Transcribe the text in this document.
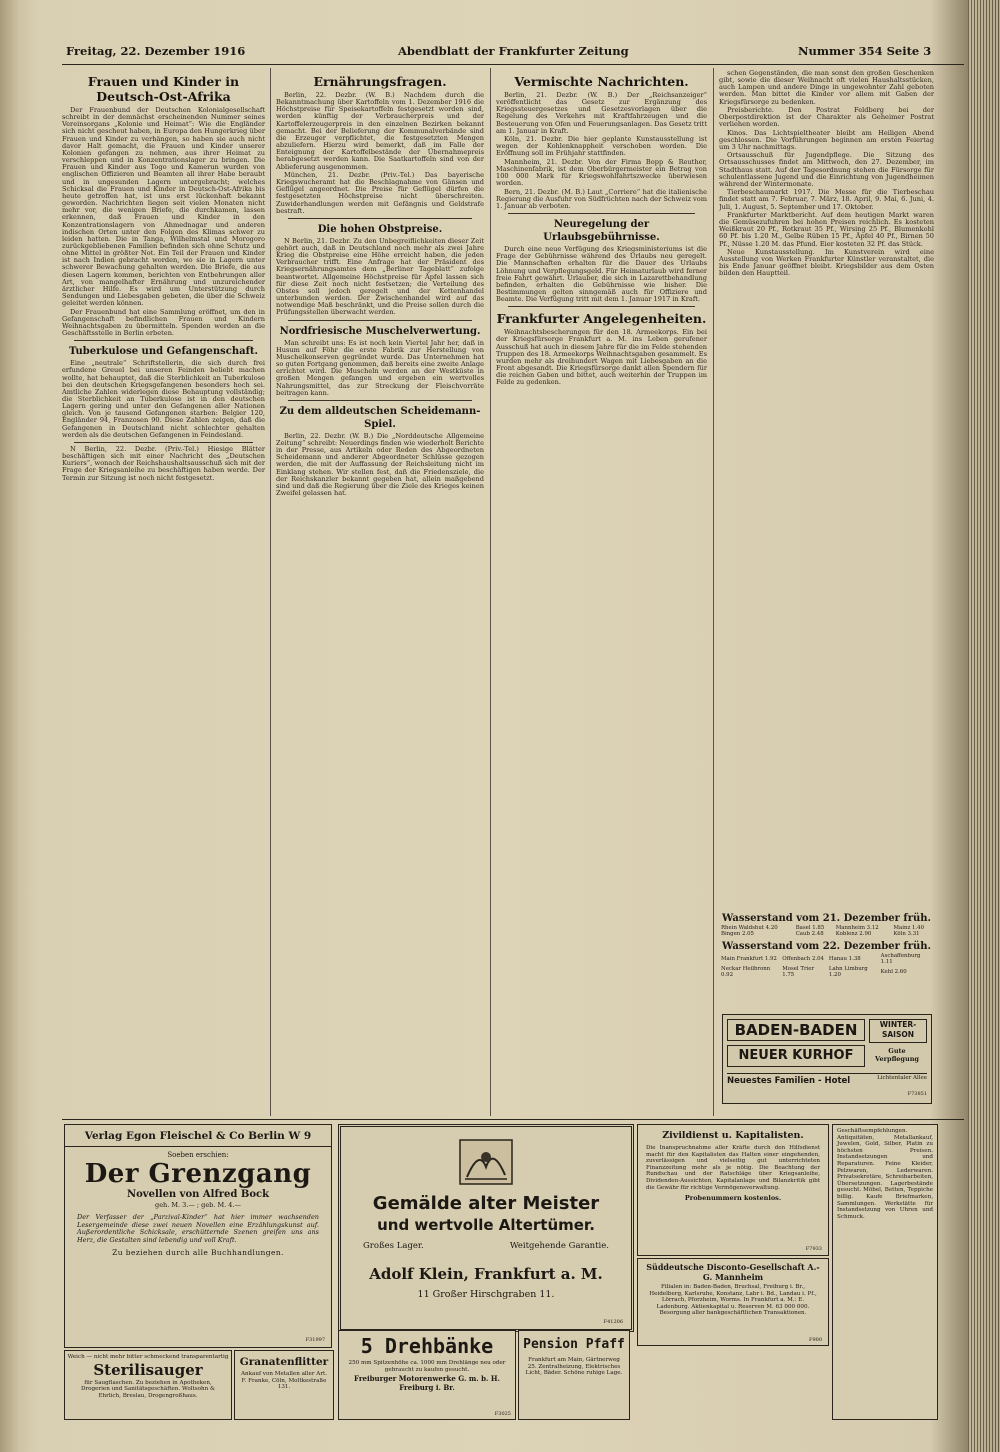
Freitag, 22. Dezember 1916	Abendblatt der Frankfurter Zeitung	Nummer 354 Seite 3
Frauen und Kinder in Deutsch-Ost-Afrika

Der Frauenbund der Deutschen Kolonialgesellschaft schreibt in der demnächst erscheinenden Nummer seines Vereinsorgans „Kolonie und Heimat“: Wie die Engländer sich nicht gescheut haben, in Europa den Hungerkrieg über Frauen und Kinder zu verhängen, so haben sie auch nicht davor Halt gemacht, die Frauen und Kinder unserer Kolonien gefangen zu nehmen, aus ihrer Heimat zu verschleppen und in Konzentrationslager zu bringen. Die Frauen und Kinder aus Togo und Kamerun wurden von englischen Offizieren und Beamten all ihrer Habe beraubt und in ungesunden Lagern untergebracht; welches Schicksal die Frauen und Kinder in Deutsch-Ost-Afrika bis heute getroffen hat, ist uns erst lückenhaft bekannt geworden. Nachrichten liegen seit vielen Monaten nicht mehr vor, die wenigen Briefe, die durchkamen, lassen erkennen, daß Frauen und Kinder in den Konzentrationslagern von Ahmednagar und anderen indischen Orten unter den Folgen des Klimas schwer zu leiden hatten. Die in Tanga, Wilhelmstal und Morogoro zurückgebliebenen Familien befinden sich ohne Schutz und ohne Mittel in größter Not. Ein Teil der Frauen und Kinder ist nach Indien gebracht worden, wo sie in Lagern unter schwerer Bewachung gehalten werden. Die Briefe, die aus diesen Lagern kommen, berichten von Entbehrungen aller Art, von mangelhafter Ernährung und unzureichender ärztlicher Hilfe. Es wird um Unterstützung durch Sendungen und Liebesgaben gebeten, die über die Schweiz geleitet werden können.

Der Frauenbund hat eine Sammlung eröffnet, um den in Gefangenschaft befindlichen Frauen und Kindern Weihnachtsgaben zu übermitteln. Spenden werden an die Geschäftsstelle in Berlin erbeten.

Tuberkulose und Gefangenschaft.

Eine „neutrale“ Schriftstellerin, die sich durch frei erfundene Greuel bei unseren Feinden beliebt machen wollte, hat behauptet, daß die Sterblichkeit an Tuberkulose bei den deutschen Kriegsgefangenen besonders hoch sei. Amtliche Zahlen widerlegen diese Behauptung vollständig; die Sterblichkeit an Tuberkulose ist in den deutschen Lagern gering und unter den Gefangenen aller Nationen gleich. Von je tausend Gefangenen starben: Belgier 120, Engländer 94, Franzosen 90. Diese Zahlen zeigen, daß die Gefangenen in Deutschland nicht schlechter gehalten werden als die deutschen Gefangenen in Feindesland.

N Berlin, 22. Dezbr. (Priv.-Tel.) Hiesige Blätter beschäftigen sich mit einer Nachricht des „Deutschen Kuriers“, wonach der Reichshaushaltsausschuß sich mit der Frage der Kriegsanleihe zu beschäftigen haben werde. Der Termin zur Sitzung ist noch nicht festgesetzt.

Ernährungsfragen.

Berlin, 22. Dezbr. (W. B.) Nachdem durch die Bekanntmachung über Kartoffeln vom 1. Dezember 1916 die Höchstpreise für Speisekartoffeln festgesetzt worden sind, werden künftig der Verbraucherpreis und der Kartoffelerzeugerpreis in den einzelnen Bezirken bekannt gemacht. Bei der Belieferung der Kommunalverbände sind die Erzeuger verpflichtet, die festgesetzten Mengen abzuliefern. Hierzu wird bemerkt, daß im Falle der Enteignung der Kartoffelbestände der Übernahmepreis herabgesetzt werden kann. Die Saatkartoffeln sind von der Ablieferung ausgenommen.

München, 21. Dezbr. (Priv.-Tel.) Das bayerische Kriegswucheramt hat die Beschlagnahme von Gänsen und Geflügel angeordnet. Die Preise für Geflügel dürfen die festgesetzten Höchstpreise nicht überschreiten. Zuwiderhandlungen werden mit Gefängnis und Geldstrafe bestraft.

Die hohen Obstpreise.

N Berlin, 21. Dezbr. Zu den Unbegreiflichkeiten dieser Zeit gehört auch, daß in Deutschland noch mehr als zwei Jahre Krieg die Obstpreise eine Höhe erreicht haben, die jeden Verbraucher trifft. Eine Anfrage hat der Präsident des Kriegsernährungsamtes dem „Berliner Tageblatt“ zufolge beantwortet. Allgemeine Höchstpreise für Äpfel lassen sich für diese Zeit noch nicht festsetzen; die Verteilung des Obstes soll jedoch geregelt und der Kettenhandel unterbunden werden. Der Zwischenhandel wird auf das notwendige Maß beschränkt, und die Preise sollen durch die Prüfungsstellen überwacht werden.

Nordfriesische Muschelverwertung.

Man schreibt uns: Es ist noch kein Viertel Jahr her, daß in Husum auf Föhr die erste Fabrik zur Herstellung von Muschelkonserven gegründet wurde. Das Unternehmen hat so guten Fortgang genommen, daß bereits eine zweite Anlage errichtet wird. Die Muscheln werden an der Westküste in großen Mengen gefangen und ergeben ein wertvolles Nahrungsmittel, das zur Streckung der Fleischvorräte beitragen kann.

Zu dem alldeutschen Scheidemann-Spiel.

Berlin, 22. Dezbr. (W. B.) Die „Norddeutsche Allgemeine Zeitung“ schreibt: Neuerdings finden wie wiederholt Berichte in der Presse, aus Artikeln oder Reden des Abgeordneten Scheidemann und anderer Abgeordneter Schlüsse gezogen werden, die mit der Auffassung der Reichsleitung nicht im Einklang stehen. Wir stellen fest, daß die Friedensziele, die der Reichskanzler bekannt gegeben hat, allein maßgebend sind und daß die Regierung über die Ziele des Krieges keinen Zweifel gelassen hat.

Vermischte Nachrichten.

Berlin, 21. Dezbr. (W. B.) Der „Reichsanzeiger“ veröffentlicht das Gesetz zur Ergänzung des Kriegssteuergesetzes und Gesetzesvorlagen über die Regelung des Verkehrs mit Kraftfahrzeugen und die Besteuerung von Ofen und Feuerungsanlagen. Das Gesetz tritt am 1. Januar in Kraft.

Köln, 21. Dezbr. Die hier geplante Kunstausstellung ist wegen der Kohlenknappheit verschoben worden. Die Eröffnung soll im Frühjahr stattfinden.

Mannheim, 21. Dezbr. Von der Firma Bopp & Reuther, Maschinenfabrik, ist dem Oberbürgermeister ein Betrag von 100 000 Mark für Kriegswohlfahrtszwecke überwiesen worden.

Bern, 21. Dezbr. (M. B.) Laut „Corriere“ hat die italienische Regierung die Ausfuhr von Südfrüchten nach der Schweiz vom 1. Januar ab verboten.

Neuregelung der Urlaubsgebührnisse.

Durch eine neue Verfügung des Kriegsministeriums ist die Frage der Gebührnisse während des Urlaubs neu geregelt. Die Mannschaften erhalten für die Dauer des Urlaubs Löhnung und Verpflegungsgeld. Für Heimaturlaub wird ferner freie Fahrt gewährt. Urlauber, die sich in Lazarettbehandlung befinden, erhalten die Gebührnisse wie bisher. Die Bestimmungen gelten sinngemäß auch für Offiziere und Beamte. Die Verfügung tritt mit dem 1. Januar 1917 in Kraft.

Frankfurter Angelegenheiten.

Weihnachtsbescherungen für den 18. Armeekorps. Ein bei der Kriegsfürsorge Frankfurt a. M. ins Leben gerufener Ausschuß hat auch in diesem Jahre für die im Felde stehenden Truppen des 18. Armeekorps Weihnachtsgaben gesammelt. Es wurden mehr als dreihundert Wagen mit Liebesgaben an die Front abgesandt. Die Kriegsfürsorge dankt allen Spendern für die reichen Gaben und bittet, auch weiterhin der Truppen im Felde zu gedenken.

schen Gegenständen, die man sonst den großen Geschenken gibt, sowie die dieser Weihnacht oft vielen Haushaltsstücken, auch Lampen und andere Dinge in ungewohnter Zahl geboten werden. Man bittet die Kinder vor allem mit Gaben der Kriegsfürsorge zu bedenken.

Preisberichte. Den Postrat Feldberg bei der Oberpostdirektion ist der Charakter als Geheimer Postrat verliehen worden.

Kinos. Das Lichtspieltheater bleibt am Heiligen Abend geschlossen. Die Vorführungen beginnen am ersten Feiertag um 3 Uhr nachmittags.

Ortsausschuß für Jugendpflege. Die Sitzung des Ortsausschusses findet am Mittwoch, den 27. Dezember, im Stadthaus statt. Auf der Tagesordnung stehen die Fürsorge für schulentlassene Jugend und die Einrichtung von Jugendheimen während der Wintermonate.

Tierbeschaumarkt 1917. Die Messe für die Tierbeschau findet statt am 7. Februar, 7. März, 18. April, 9. Mai, 6. Juni, 4. Juli, 1. August, 5. September und 17. Oktober.

Frankfurter Marktbericht. Auf dem heutigen Markt waren die Gemüsezufuhren bei hohen Preisen reichlich. Es kosteten Weißkraut 20 Pf., Rotkraut 35 Pf., Wirsing 25 Pf., Blumenkohl 60 Pf. bis 1.20 M., Gelbe Rüben 15 Pf., Äpfel 40 Pf., Birnen 50 Pf., Nüsse 1.20 M. das Pfund. Eier kosteten 32 Pf. das Stück.

Neue Kunstausstellung. Im Kunstverein wird eine Ausstellung von Werken Frankfurter Künstler veranstaltet, die bis Ende Januar geöffnet bleibt. Kriegsbilder aus dem Osten bilden den Hauptteil.

Wasserstand vom 21. Dezember früh.
Rhein Waldshut 4.20	Basel 1.85	Mannheim 3.12	Mainz 1.40
Bingen 2.05	Caub 2.48	Koblenz 2.90	Köln 3.31
Wasserstand vom 22. Dezember früh.
Main Frankfurt 1.92	Offenbach 2.04	Hanau 1.38	Aschaffenburg 1.11
Neckar Heilbronn 0.92	Mosel Trier 1.75	Lahn Limburg 1.20	Kehl 2.60
BADEN-BADEN
NEUER KURHOF
WINTER-SAISON
Gute Verpflegung
Neuestes Familien - Hotel	Lichtentaler Allee
F73851
Verlag Egon Fleischel & Co Berlin W 9
Soeben erschien:
Der Grenzgang
Novellen von Alfred Bock
geh. M. 3.— ; geb. M. 4.—
Der Verfasser der „Parzival-Kinder“ hat hier immer wachsenden Lesergemeinde diese zwei neuen Novellen eine Erzählungskunst auf. Außerordentliche Schicksale, erschütternde Szenen greifen uns ans Herz, die Gestalten sind lebendig und voll Kraft.
Zu beziehen durch alle Buchhandlungen.
F31997
Gemälde alter Meister
und wertvolle Altertümer.
Großes Lager.	Weitgehende Garantie.
Adolf Klein, Frankfurt a. M.
11 Großer Hirschgraben 11.
F41206
Zivildienst u. Kapitalisten.
Die Inanspruchnahme aller Kräfte durch den Hilfsdienst macht für den Kapitalisten das Halten einer eingehenden, zuverlässigen und vielseitig gut unterrichteten Finanzzeitung mehr als je nötig. Die Beachtung der Rundschau und der Ratschläge über Kriegsanleihe, Dividenden-Aussichten, Kapitalanlage und Bilanzkritik gibt die Gewähr für richtige Vermögensverwaltung.
Probenummern kostenlos.
F7933
Süddeutsche Disconto-Gesellschaft A.-G. Mannheim
Filialen in: Baden-Baden, Bruchsal, Freiburg i. Br., Heidelberg, Karlsruhe, Konstanz, Lahr i. Bd., Landau i. Pf., Lörrach, Pforzheim, Worms. In Frankfurt a. M.: E. Ladenburg. Aktienkapital u. Reserven M. 63 000 000. Besorgung aller bankgeschäftlichen Transaktionen.
F900
Weich — nicht mehr bitter schmeckend transparentartig
Sterilisauger
für Saugflaschen. Zu beziehen in Apotheken, Drogerien und Sanitätsgeschäften. Woltsohn & Ehrlich, Breslau, Drogengroßhaus.
Granatenflitter
Ankauf von Metallen aller Art. F. Franke, Cöln, Moltkestraße 131.
5 Drehbänke
250 mm Spitzenhöhe ca. 1000 mm Drehlänge neu oder gebraucht zu kaufen gesucht.
Freiburger Motorenwerke G. m. b. H.
Freiburg i. Br.
F3025
Pension Pfaff
Frankfurt am Main, Gärtnerweg 25. Zentralheizung, Elektrisches Licht, Bäder. Schöne ruhige Lage.
Geschäftsempfehlungen. Antiquitäten, Metallankauf, Juwelen, Gold, Silber, Platin zu höchsten Preisen. Instandsetzungen und Reparaturen. Feine Kleider, Pelzwaren, Lederwaren. Privatsekretäre, Schreibarbeiten, Übersetzungen. Lagerbestände gesucht. Möbel, Betten, Teppiche billig. Kaufe Briefmarken, Sammlungen. Werkstätte für Instandsetzung von Uhren und Schmuck.
